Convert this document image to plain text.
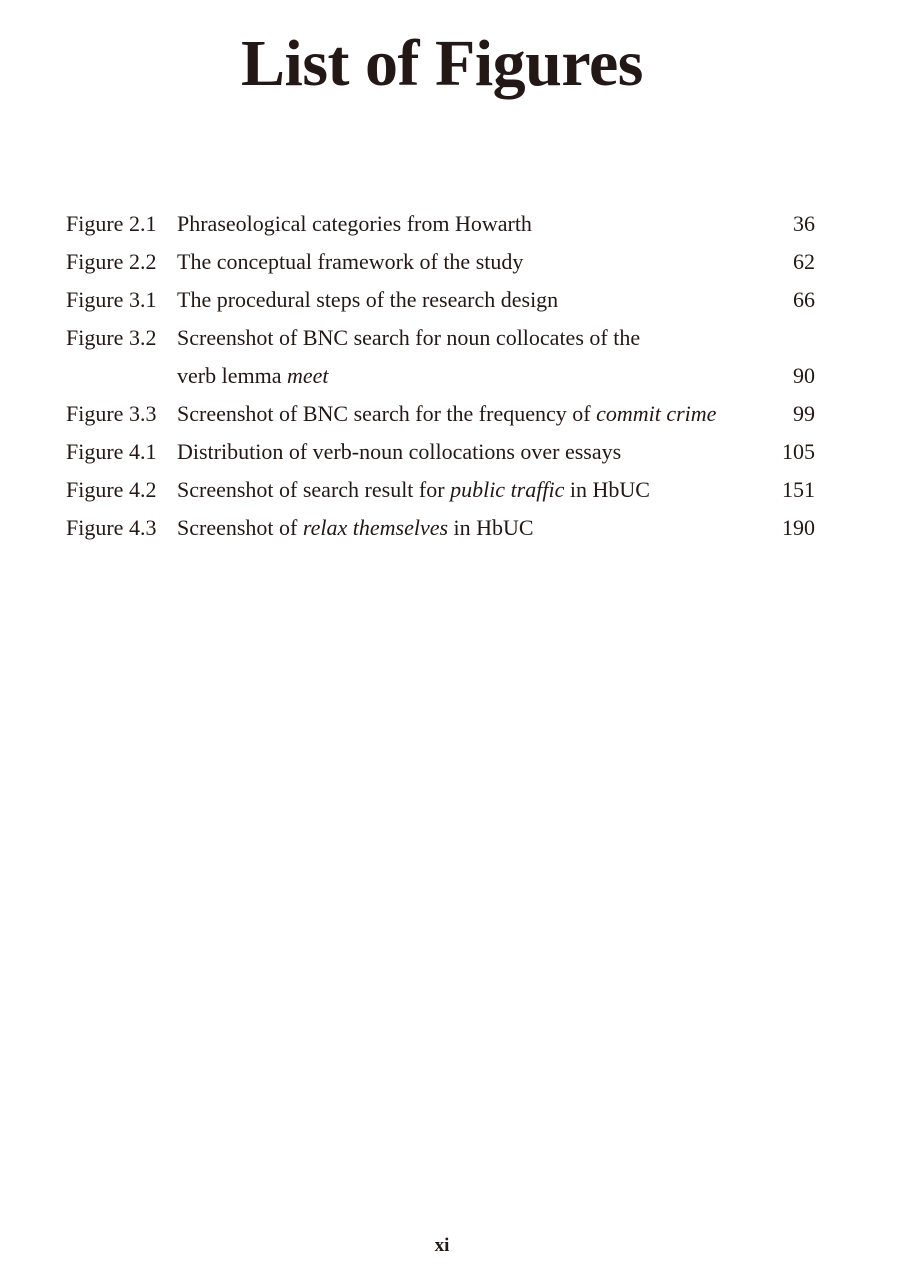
List of Figures
Figure 2.1 Phraseological categories from Howarth	36
Figure 2.2 The conceptual framework of the study	62
Figure 3.1 The procedural steps of the research design	66
Figure 3.2 Screenshot of BNC search for noun collocates of the verb lemma meet	90
Figure 3.3 Screenshot of BNC search for the frequency of commit crime	99
Figure 4.1 Distribution of verb-noun collocations over essays	105
Figure 4.2 Screenshot of search result for public traffic in HbUC	151
Figure 4.3 Screenshot of relax themselves in HbUC	190
xi
